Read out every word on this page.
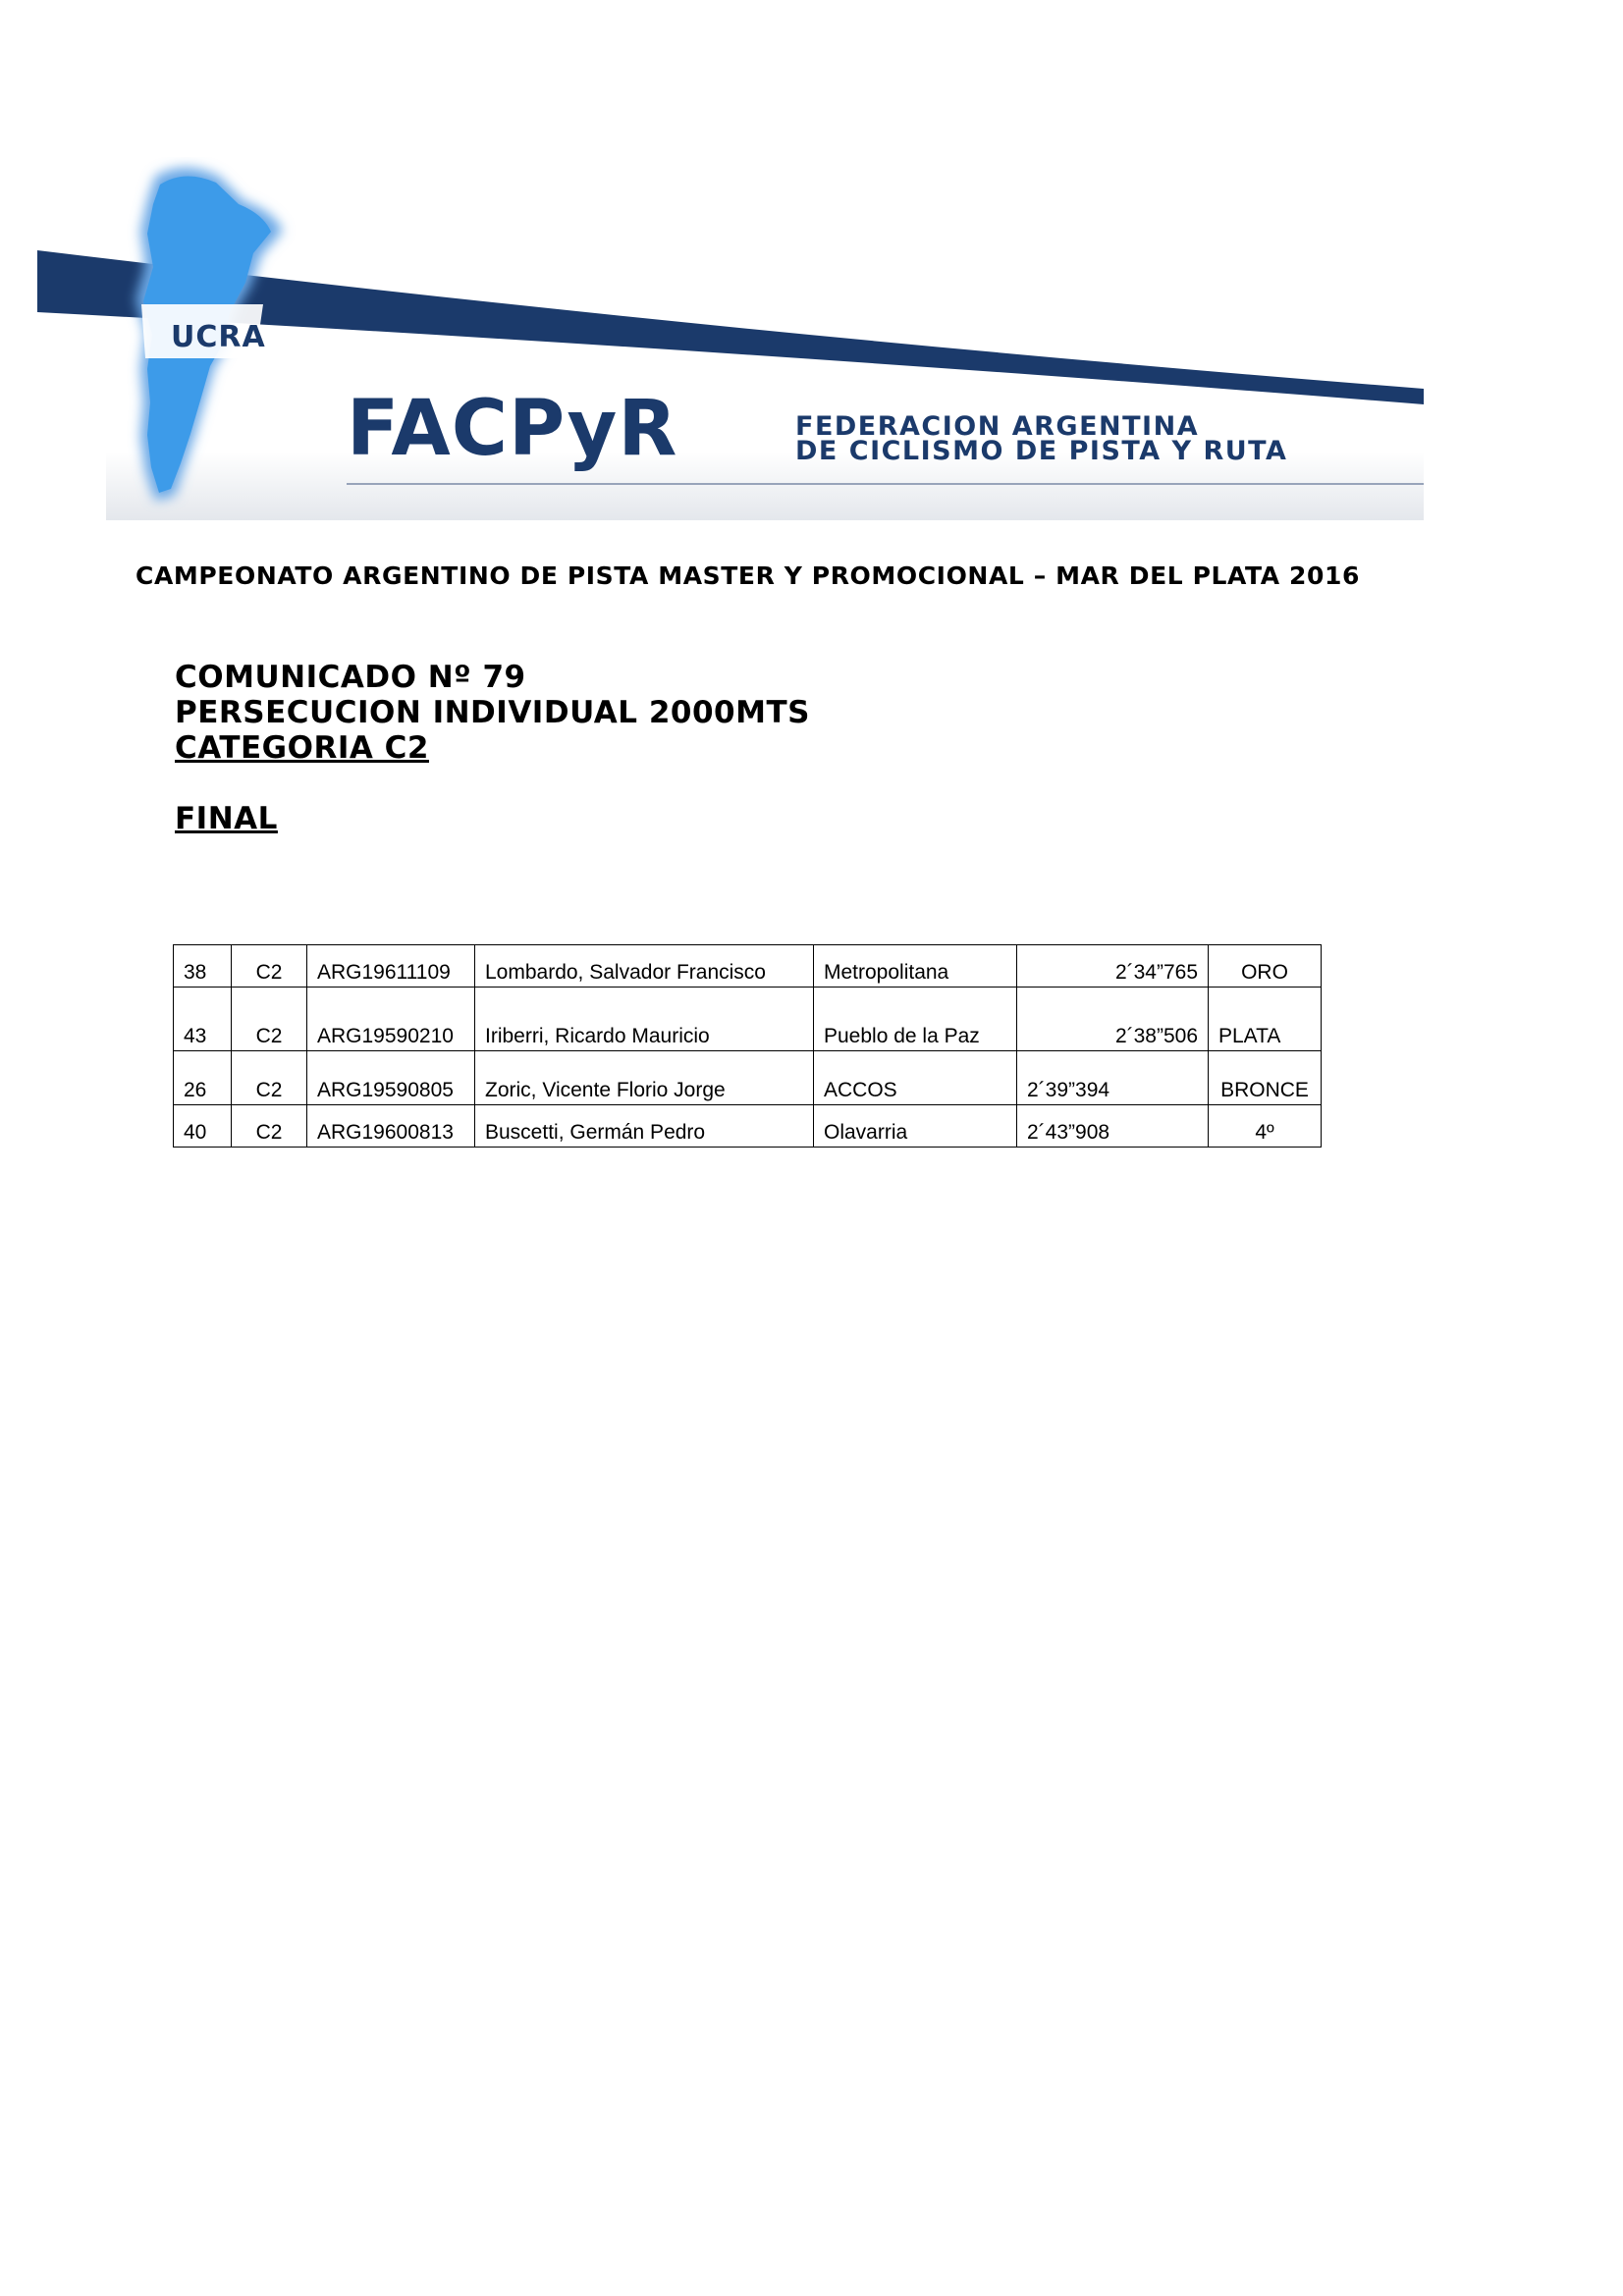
UCRA
FACPyR	FEDERACION ARGENTINA
DE CICLISMO DE PISTA Y RUTA
CAMPEONATO ARGENTINO DE PISTA MASTER Y PROMOCIONAL – MAR DEL PLATA 2016
COMUNICADO Nº 79
PERSECUCION INDIVIDUAL 2000MTS
CATEGORIA C2
FINAL
38	C2	ARG19611109	Lombardo, Salvador Francisco	Metropolitana	2´34”765	ORO
43	C2	ARG19590210	Iriberri, Ricardo Mauricio	Pueblo de la Paz	2´38”506	PLATA
26	C2	ARG19590805	Zoric, Vicente Florio Jorge	ACCOS	2´39”394	BRONCE
40	C2	ARG19600813	Buscetti, Germán Pedro	Olavarria	2´43”908	4º
